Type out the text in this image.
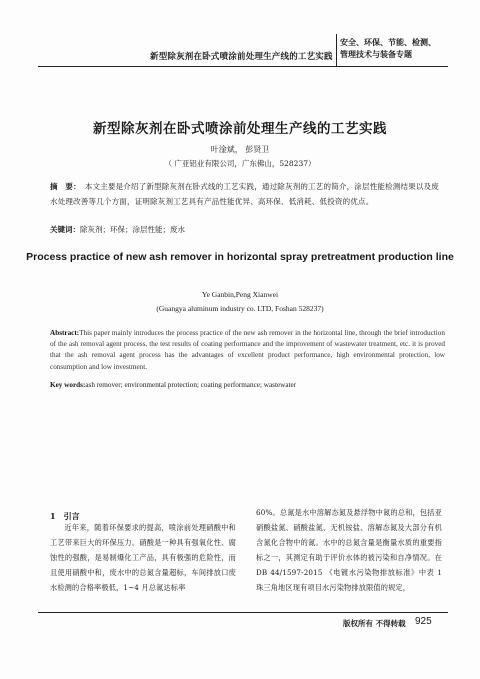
新型除灰剂在卧式喷涂前处理生产线的工艺实践
安全、环保、节能、检测、
管理技术与装备专题
新型除灰剂在卧式喷涂前处理生产线的工艺实践
叶淦斌， 彭贤卫
（ 广亚铝业有限公司，广东佛山，528237）
摘　要： 本文主要是介绍了新型除灰剂在卧式线的工艺实践，通过除灰剂的工艺的简介，涂层性能检测结果以及废水处理改善等几个方面，证明除灰剂工艺具有产品性能优异、高环保、低消耗、低投资的优点。
关键词：除灰剂；环保；涂层性能；废水
Process practice of new ash remover in horizontal spray pretreatment production line
Ye Ganbin,Peng Xianwei
(Guangya aluminum industry co. LTD, Foshan 528237)
Abstract:This paper mainly introduces the process practice of the new ash remover in the horizontal line, through the brief introduction of the ash removal agent process, the test results of coating performance and the improvement of wastewater treatment, etc. it is proved that the ash removal agent process has the advantages of excellent product performance, high environmental protection, low consumption and low investment.
Key words:ash remover; environmental protection; coating performance; wastewater
1　引言

近年来，随着环保要求的提高，喷涂前处理硝酸中和工艺带来巨大的环保压力。硝酸是一种具有强氧化性、腐蚀性的强酸，是易制爆化工产品，具有极强的危险性，而且使用硝酸中和，废水中的总氮含量超标，车间排放口废水检测的合格率极低，1~4 月总氮达标率

60%。总氮是水中溶解态氮及悬浮物中氮的总和，包括亚硝酸盐氮、硝酸盐氮、无机铵盐、溶解态氮及大部分有机含氮化合物中的氮。水中的总氮含量是衡量水质的重要指标之一，其测定有助于评价水体的被污染和自净情况。在 DB 44/1597-2015 《电镀水污染物排放标准》中表 1 珠三角地区现有项目水污染物排放限值的规定，

版权所有 不得转载 925
